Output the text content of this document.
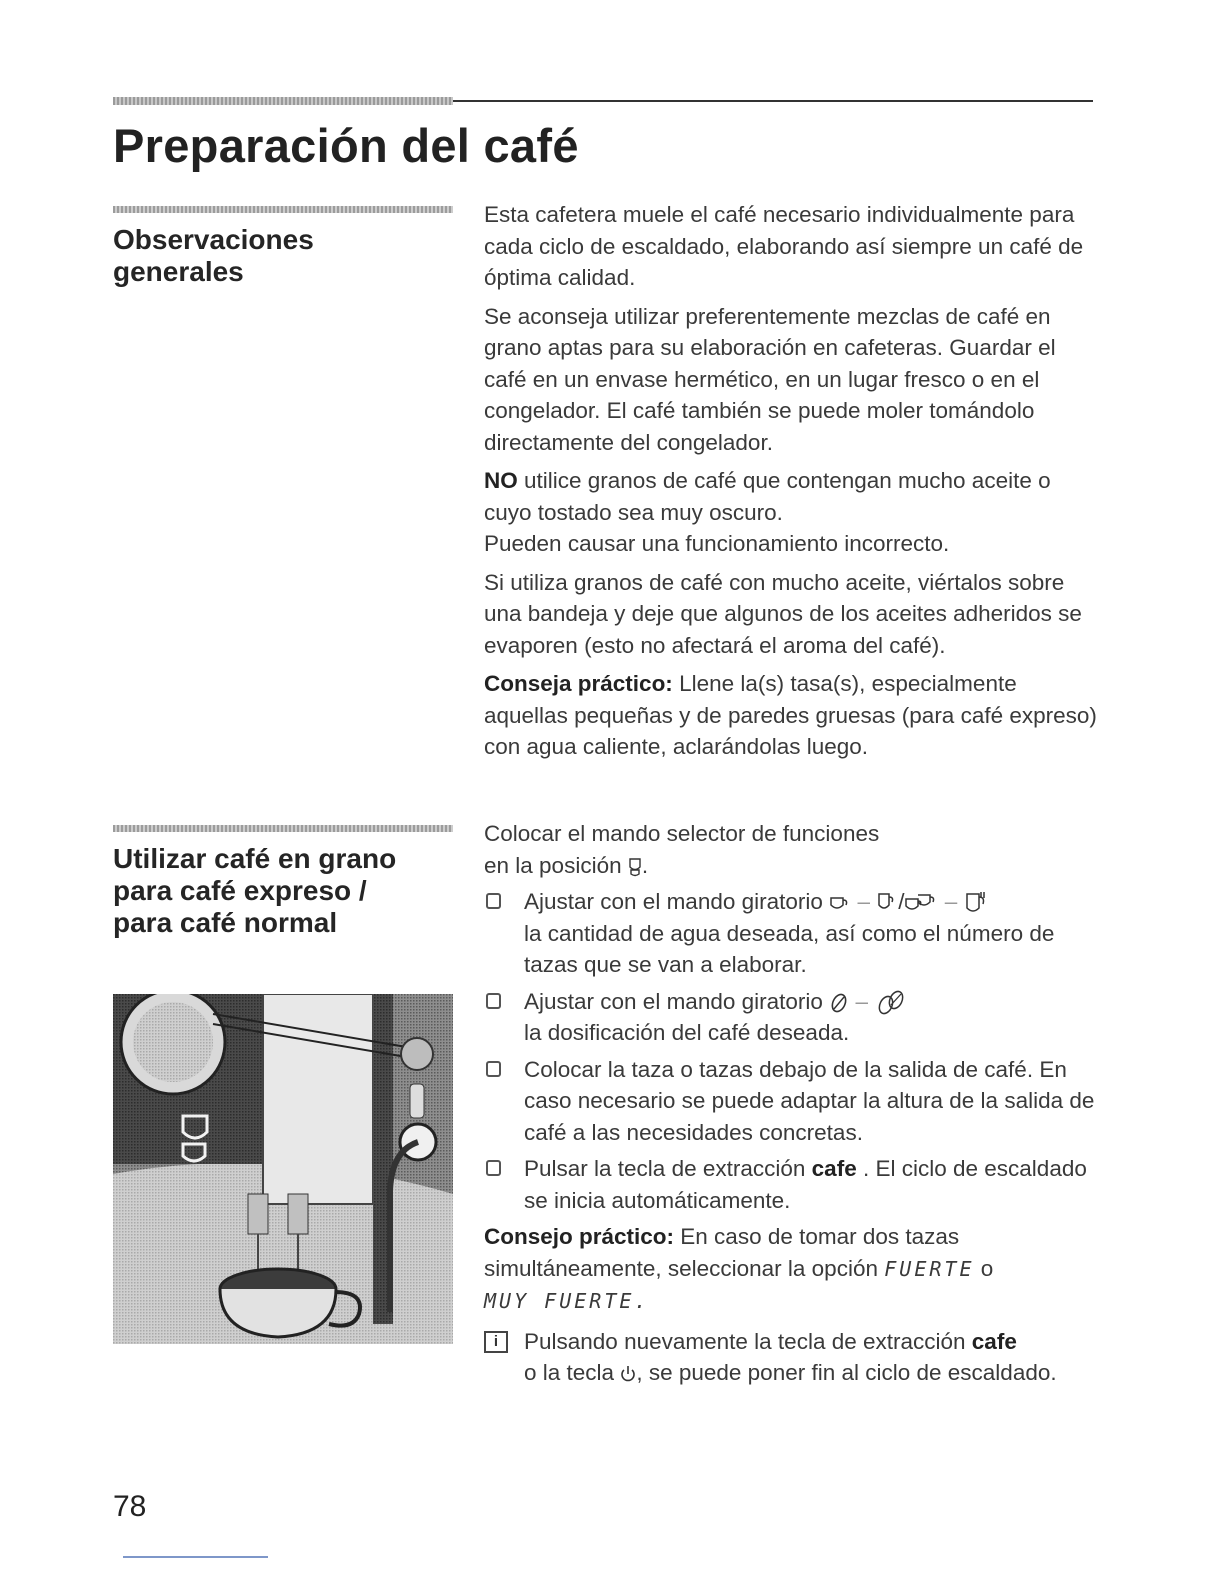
Preparación del café
Observaciones
generales

Esta cafetera muele el café necesario individualmente para cada ciclo de escaldado, elaborando así siempre un café de óptima calidad.

Se aconseja utilizar preferentemente mezclas de café en grano aptas para su elaboración en cafeteras. Guardar el café en un envase hermético, en un lugar fresco o en el congelador. El café también se puede moler tomándolo directamente del congelador.

NO utilice granos de café que contengan mucho aceite o cuyo tostado sea muy oscuro.

Pueden causar una funcionamiento incorrecto.

Si utiliza granos de café con mucho aceite, viértalos sobre una bandeja y deje que algunos de los aceites adheridos se evaporen (esto no afectará el aroma del café).

Conseja práctico: Llene la(s) tasa(s), especialmente aquellas pequeñas y de paredes gruesas (para café expreso) con agua caliente, aclarándolas luego.

Utilizar café en grano
para café expreso /
para café normal

Colocar el mando selector de funciones
en la posición .

Ajustar con el mando giratorio – / –
la cantidad de agua deseada, así como el número de tazas que se van a elaborar.
Ajustar con el mando giratorio –
la dosificación del café deseada.
Colocar la taza o tazas debajo de la salida de café. En caso necesario se puede adaptar la altura de la salida de café a las necesidades concretas.
Pulsar la tecla de extracción cafe . El ciclo de escaldado se inicia automáticamente.

Consejo práctico: En caso de tomar dos tazas simultáneamente, seleccionar la opción FUERTE o
MUY FUERTE.

i	Pulsando nuevamente la tecla de extracción cafe
o la tecla , se puede poner fin al ciclo de escaldado.
78
